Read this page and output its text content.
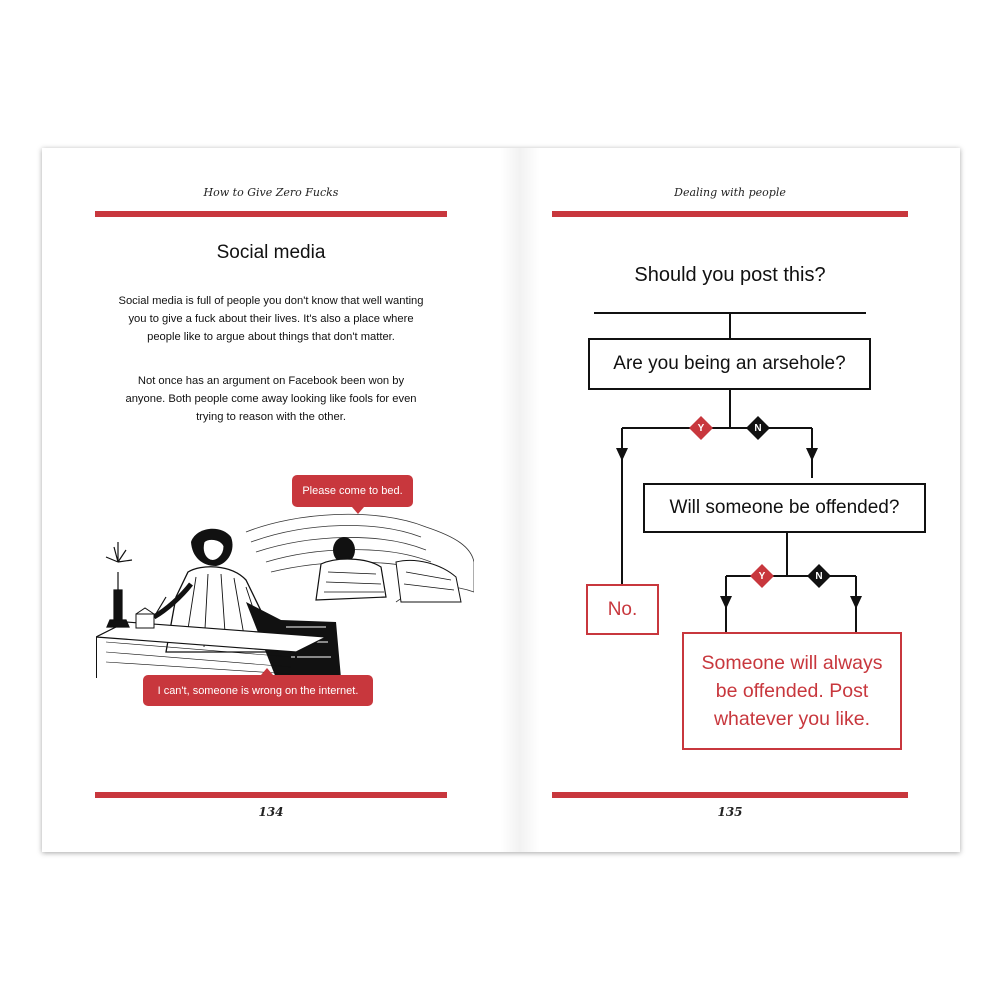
How to Give Zero Fucks
Social media

Social media is full of people you don't know that well wanting you to give a fuck about their lives. It's also a place where people like to argue about things that don't matter.

Not once has an argument on Facebook been won by anyone. Both people come away looking like fools for even trying to reason with the other.

Please come to bed.
I can't, someone is wrong on the internet.
134
Dealing with people
Should you post this?
Y	N
Y	N
Are you being an arsehole?
Will someone be offended?
No.
Someone will always be offended. Post whatever you like.
135
